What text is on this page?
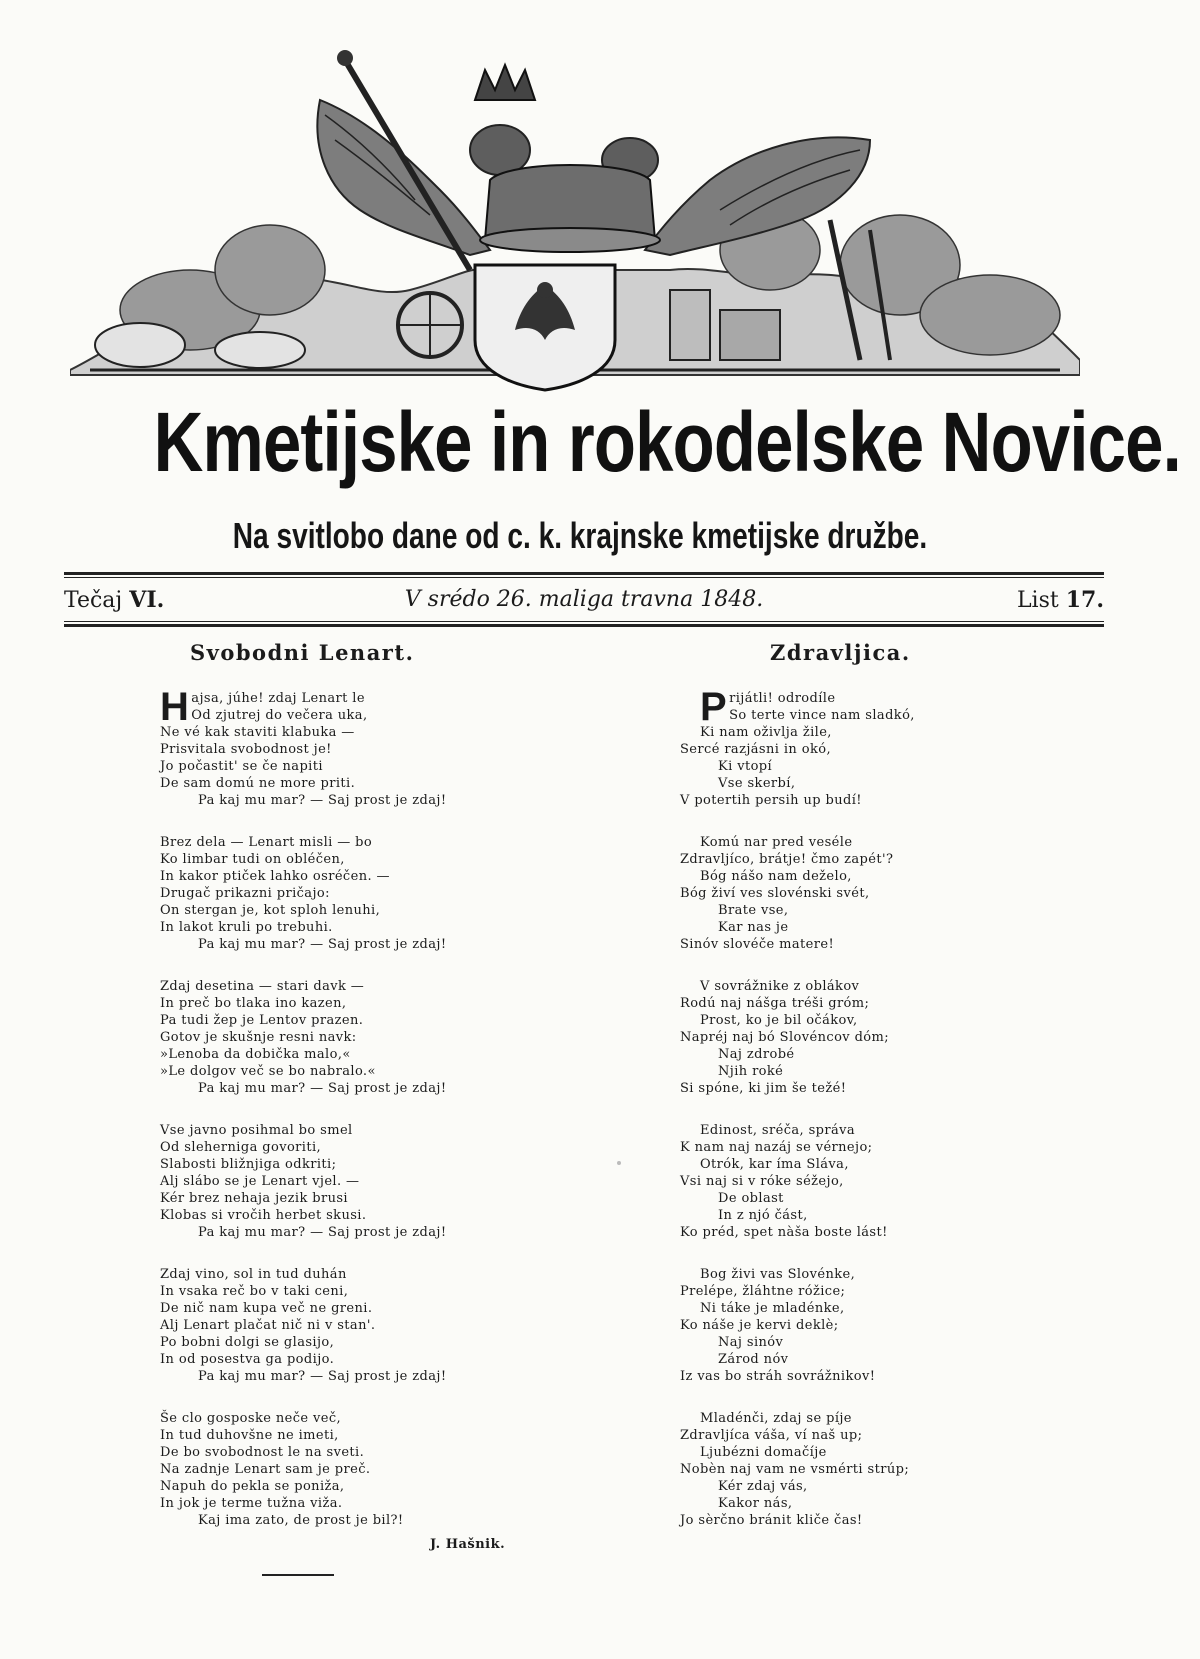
Kmetijske in rokodelske Novice.
Na svitlobo dane od c. k. krajnske kmetijske družbe.
Tečaj VI.	V srédo 26. maliga travna 1848.	List 17.
Svobodni Lenart.	Zdravljica.
Hajsa, júhe! zdaj Lenart le
Od zjutrej do večera uka,
Ne vé kak staviti klabuka —
Prisvitala svobodnost je!
Jo počastit' se če napiti
De sam domú ne more priti.
Pa kaj mu mar? — Saj prost je zdaj!
Brez dela — Lenart misli — bo
Ko limbar tudi on obléčen,
In kakor ptiček lahko osréčen. —
Drugač prikazni pričajo:
On stergan je, kot sploh lenuhi,
In lakot kruli po trebuhi.
Pa kaj mu mar? — Saj prost je zdaj!
Zdaj desetina — stari davk —
In preč bo tlaka ino kazen,
Pa tudi žep je Lentov prazen.
Gotov je skušnje resni navk:
»Lenoba da dobička malo,«
»Le dolgov več se bo nabralo.«
Pa kaj mu mar? — Saj prost je zdaj!
Vse javno posihmal bo smel
Od slehernigа govoriti,
Slabosti bližnjiga odkriti;
Alj slábo se je Lenart vjel. —
Kér brez nehaja jezik brusi
Klobas si vročih herbet skusi.
Pa kaj mu mar? — Saj prost je zdaj!
Zdaj vino, sol in tud duhán
In vsaka reč bo v taki ceni,
De nič nam kupa več ne greni.
Alj Lenart plačat nič ni v stan'.
Po bobni dolgi se glasijo,
In od posestva ga podijo.
Pa kaj mu mar? — Saj prost je zdaj!
Še clo gosposke neče več,
In tud duhovšne ne imeti,
De bo svobodnost le na sveti.
Na zadnje Lenart sam je preč.
Napuh do pekla se poniža,
In jok je terme tužna viža.
Kaj ima zato, de prost je bil?!
J. Hašnik.
Prijátli! odrodíle
So terte vince nam sladkó,
Ki nam oživlja žile,
Sercé razjásni in okó,
Ki vtopí
Vse skerbí,
V potertih persih up budí!
Komú nar pred veséle
Zdravljíco, brátje! čmo zapét'?
Bóg nášo nam deželo,
Bóg živí ves slovénski svét,
Brate vse,
Kar nas je
Sinóv slovéče matere!
V sovrážnike z oblákov
Rodú naj nášga tréši gróm;
Prost, ko je bil očákov,
Napréj naj bó Slovéncov dóm;
Naj zdrobé
Njih roké
Si spóne, ki jim še težé!
Edinost, sréča, správa
K nam naj nazáj se vérnejo;
Otrók, kar íma Sláva,
Vsi naj si v róke séžejo,
De oblast
In z njó část,
Ko préd, spet nàša boste lást!
Bog živi vas Slovénke,
Prelépe, žláhtne róžice;
Ni táke je mladénke,
Ko náše je kervi deklè;
Naj sinóv
Zárod nóv
Iz vas bo stráh sovrážnikov!
Mladénči, zdaj se píje
Zdravljíca váša, ví naš up;
Ljubézni domačíje
Nobèn naj vam ne vsmérti strúp;
Kér zdaj vás,
Kakor nás,
Jo sèrčno bránit kliče čas!
